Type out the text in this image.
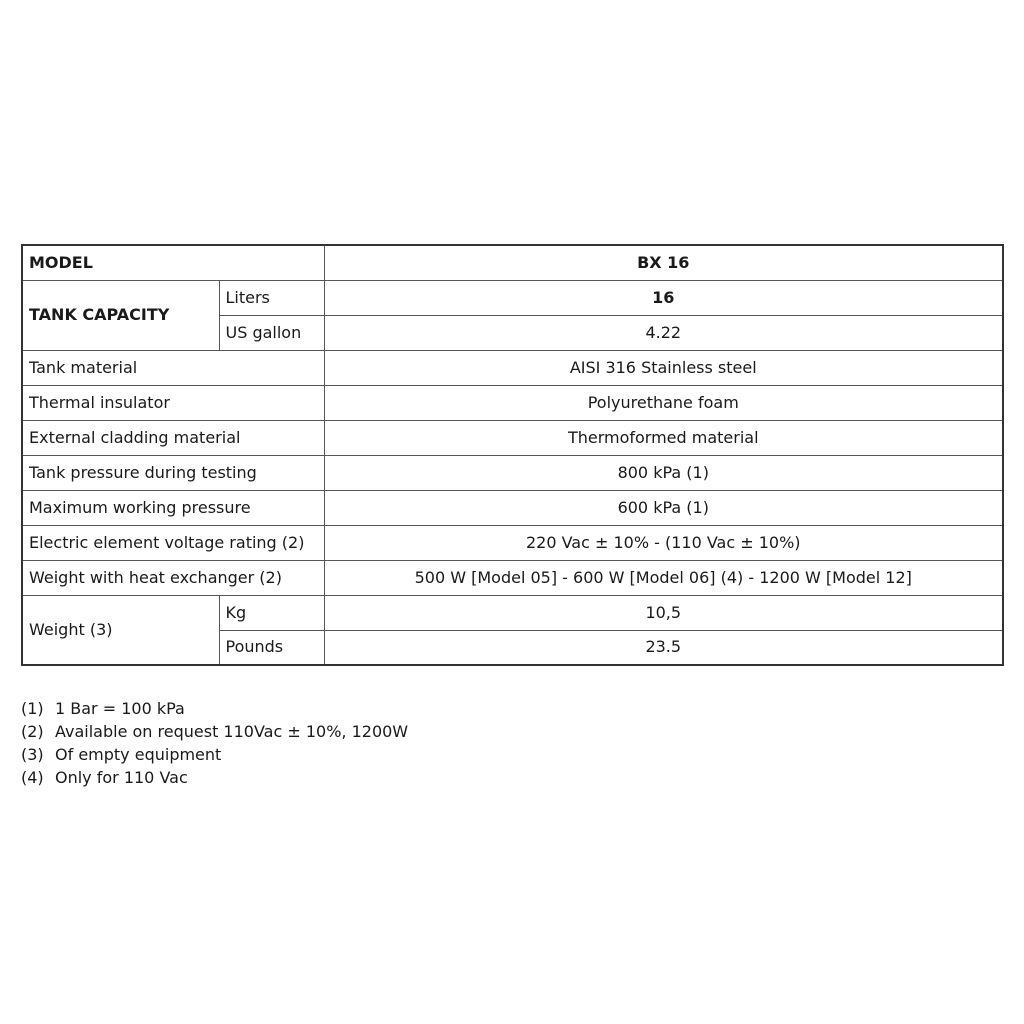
MODEL		BX 16
TANK CAPACITY	Liters	16
	US gallon	4.22
Tank material		AISI 316 Stainless steel
Thermal insulator		Polyurethane foam
External cladding material		Thermoformed material
Tank pressure during testing		800 kPa (1)
Maximum working pressure		600 kPa (1)
Electric element voltage rating (2)		220 Vac ± 10% - (110 Vac ± 10%)
Weight with heat exchanger (2)		500 W [Model 05] - 600 W [Model 06] (4) - 1200 W [Model 12]
Weight (3)	Kg	10,5
	Pounds	23.5
(1) 1 Bar = 100 kPa
(2) Available on request 110Vac ± 10%, 1200W
(3) Of empty equipment
(4) Only for 110 Vac
